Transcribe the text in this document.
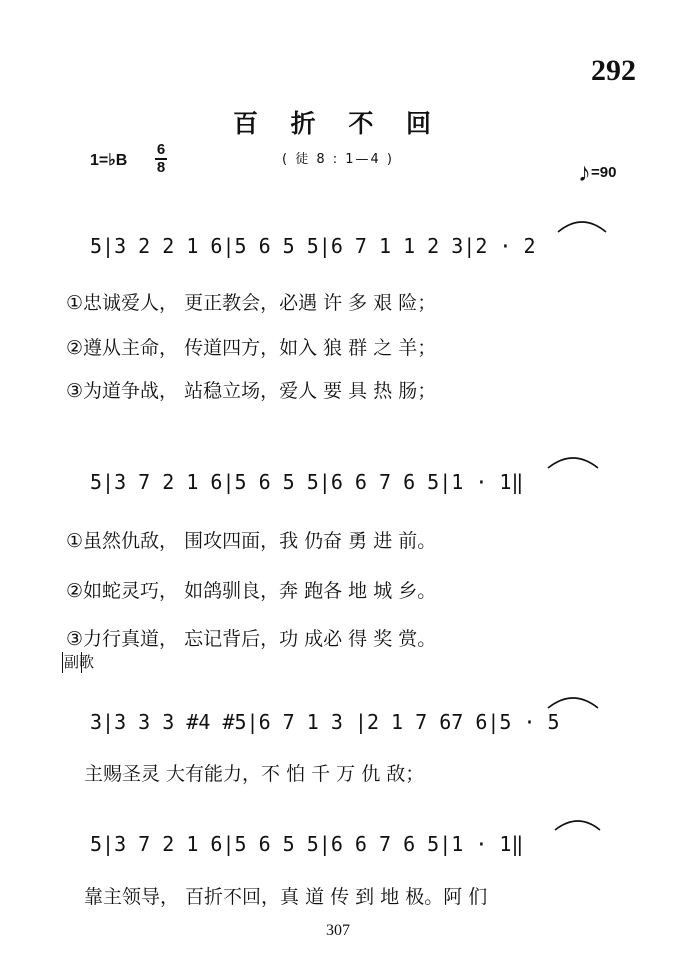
292
百 折 不 回
( 徒 8 : 1—4 )
1=♭B
6
8	♪=90
5|3 2 2 1 6|5 6 5 5|6 7 1 1 2 3|2 · 2
①忠诚爱人， 更正教会，必遇 许 多 艰 险；
②遵从主命， 传道四方，如入 狼 群 之 羊；
③为道争战， 站稳立场，爱人 要 具 热 肠；
5|3 7 2 1 6|5 6 5 5|6 6 7 6 5|1 · 1‖
①虽然仇敌， 围攻四面，我 仍奋 勇 进 前。
②如蛇灵巧， 如鸽驯良，奔 跑各 地 城 乡。
③力行真道， 忘记背后，功 成必 得 奖 赏。
副歌
3|3 3 3 #4 #5|6 7 1 3 |2 1 7 67 6|5 · 5
主赐圣灵 大有能力，不 怕 千 万 仇 敌；
5|3 7 2 1 6|5 6 5 5|6 6 7 6 5|1 · 1‖
靠主领导， 百折不回，真 道 传 到 地 极。阿 们
307
